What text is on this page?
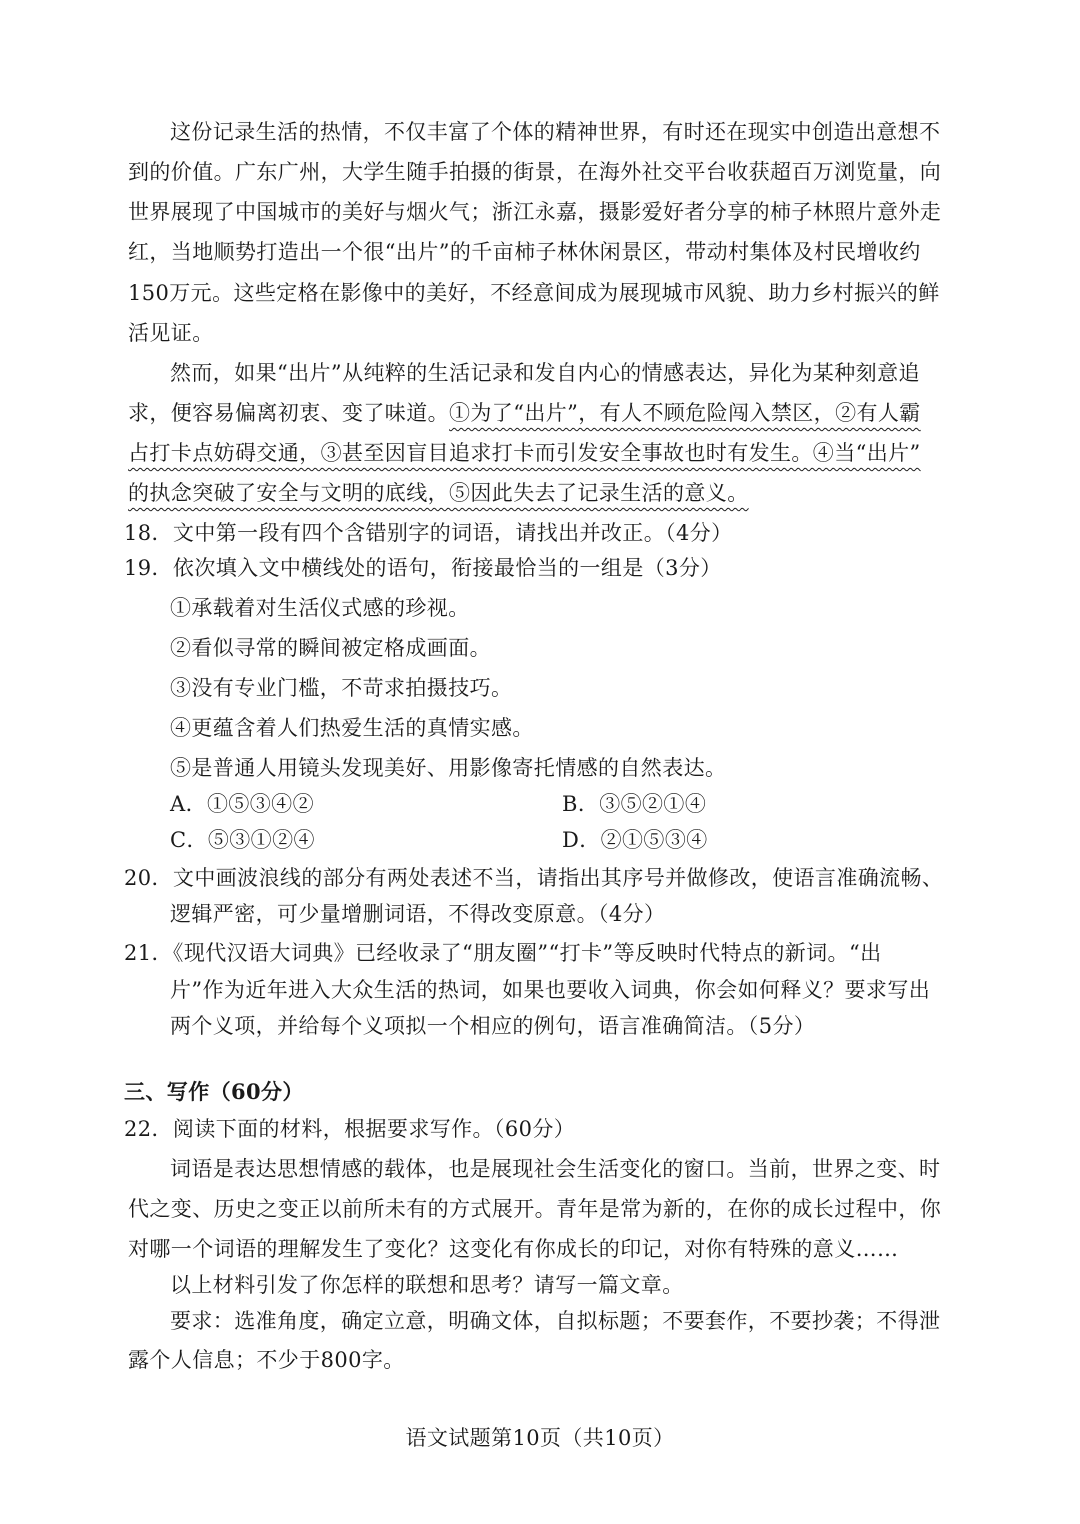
这份记录生活的热情，不仅丰富了个体的精神世界，有时还在现实中创造出意想不
到的价值。广东广州，大学生随手拍摄的街景，在海外社交平台收获超百万浏览量，向
世界展现了中国城市的美好与烟火气；浙江永嘉，摄影爱好者分享的柿子林照片意外走
红，当地顺势打造出一个很“出片”的千亩柿子林休闲景区，带动村集体及村民增收约
150万元。这些定格在影像中的美好，不经意间成为展现城市风貌、助力乡村振兴的鲜
活见证。
然而，如果“出片”从纯粹的生活记录和发自内心的情感表达，异化为某种刻意追
求，便容易偏离初衷、变了味道。①为了“出片”，有人不顾危险闯入禁区，②有人霸
占打卡点妨碍交通，③甚至因盲目追求打卡而引发安全事故也时有发生。④当“出片”
的执念突破了安全与文明的底线，⑤因此失去了记录生活的意义。
18．文中第一段有四个含错别字的词语，请找出并改正。（4分）
19．依次填入文中横线处的语句，衔接最恰当的一组是（3分）
①承载着对生活仪式感的珍视。
②看似寻常的瞬间被定格成画面。
③没有专业门槛，不苛求拍摄技巧。
④更蕴含着人们热爱生活的真情实感。
⑤是普通人用镜头发现美好、用影像寄托情感的自然表达。
A．①⑤③④②	B．③⑤②①④
C．⑤③①②④	D．②①⑤③④
20．文中画波浪线的部分有两处表述不当，请指出其序号并做修改，使语言准确流畅、
逻辑严密，可少量增删词语，不得改变原意。（4分）
21．《现代汉语大词典》已经收录了“朋友圈”“打卡”等反映时代特点的新词。“出
片”作为近年进入大众生活的热词，如果也要收入词典，你会如何释义？要求写出
两个义项，并给每个义项拟一个相应的例句，语言准确简洁。（5分）
三、写作（60分）
22．阅读下面的材料，根据要求写作。（60分）
词语是表达思想情感的载体，也是展现社会生活变化的窗口。当前，世界之变、时
代之变、历史之变正以前所未有的方式展开。青年是常为新的，在你的成长过程中，你
对哪一个词语的理解发生了变化？这变化有你成长的印记，对你有特殊的意义……
以上材料引发了你怎样的联想和思考？请写一篇文章。
要求：选准角度，确定立意，明确文体，自拟标题；不要套作，不要抄袭；不得泄
露个人信息；不少于800字。
语文试题第10页（共10页）
